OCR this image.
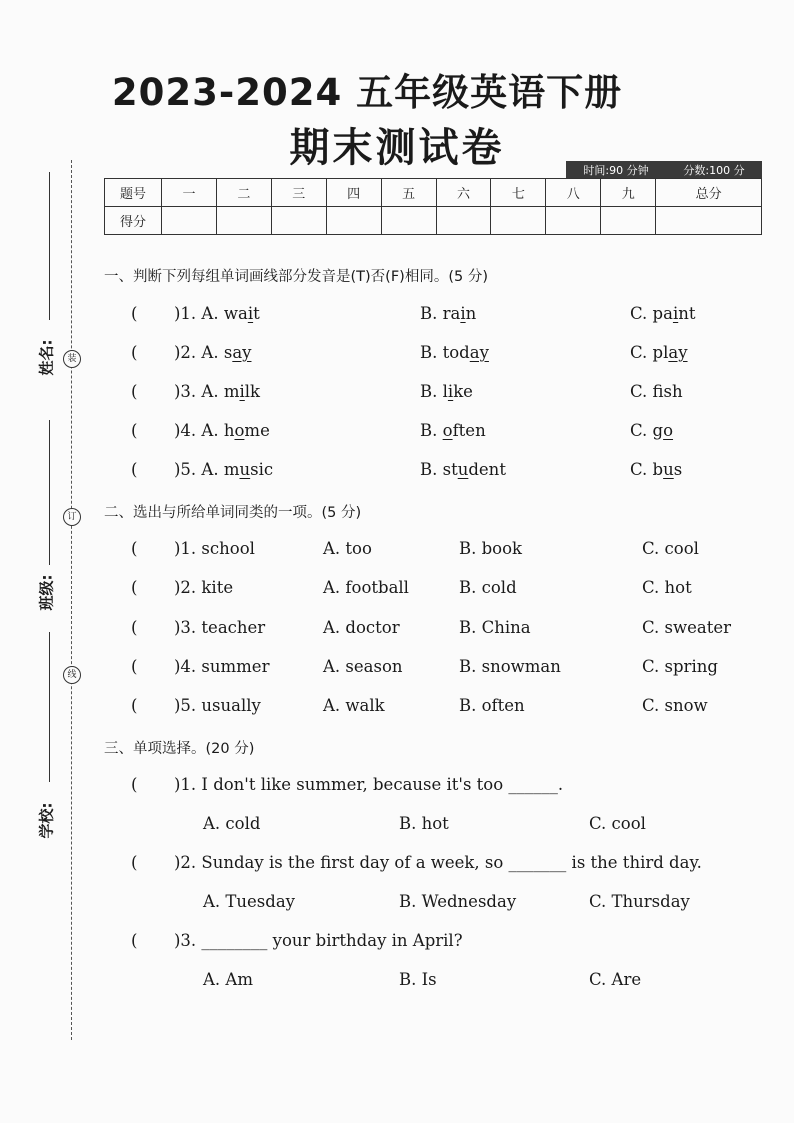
2023-2024 五年级英语下册
期末测试卷	时间:90 分钟	分数:100 分
题号	一	二	三	四	五	六	七	八	九	总分
得分										
装
订
线
姓名:
班级:
学校:
一、判断下列每组单词画线部分发音是(T)否(F)相同。(5 分)
( )1. A. wait	B. rain	C. paint
( )2. A. say	B. today	C. play
( )3. A. milk	B. like	C. fsh
( )4. A. home	B. often	C. go
( )5. A. music	B. student	C. bus
二、选出与所给单词同类的一项。(5 分)
( )1. school	A. too	B. book	C. cool
( )2. kite	A. football	B. cold	C. hot
( )3. teacher	A. doctor	B. China	C. sweater
( )4. summer	A. season	B. snowman	C. spring
( )5. usually	A. walk	B. often	C. snow
三、单项选择。(20 分)
( )1. I don't like summer, because it's too ______.
A. cold	B. hot	C. cool
( )2. Sunday is the first day of a week, so _______ is the third day.
A. Tuesday	B. Wednesday	C. Thursday
( )3. ________ your birthday in April?
A. Am	B. Is	C. Are
